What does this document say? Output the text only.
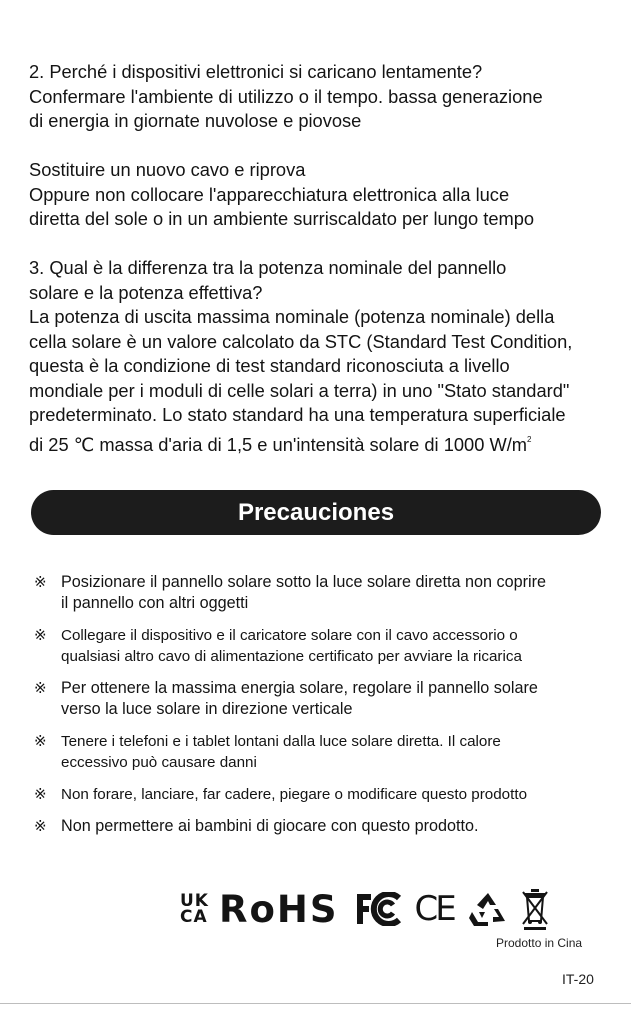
2. Perché i dispositivi elettronici si caricano lentamente?

Confermare l'ambiente di utilizzo o il tempo. bassa generazione

di energia in giornate nuvolose e piovose

Sostituire un nuovo cavo e riprova

Oppure non collocare l'apparecchiatura elettronica alla luce

diretta del sole o in un ambiente surriscaldato per lungo tempo

3. Qual è la differenza tra la potenza nominale del pannello

solare e la potenza effettiva?

La potenza di uscita massima nominale (potenza nominale) della

cella solare è un valore calcolato da STC (Standard Test Condition,

questa è la condizione di test standard riconosciuta a livello

mondiale per i moduli di celle solari a terra) in uno "Stato standard"

predeterminato. Lo stato standard ha una temperatura superficiale

di 25 ℃ massa d'aria di 1,5 e un'intensità solare di 1000 $W/m^2$

Precauciones
※ Posizionare il pannello solare sotto la luce solare diretta non coprire
il pannello con altri oggetti
※ Collegare il dispositivo e il caricatore solare con il cavo accessorio o
qualsiasi altro cavo di alimentazione certificato per avviare la ricarica
※ Per ottenere la massima energia solare, regolare il pannello solare
verso la luce solare in direzione verticale
※ Tenere i telefoni e i tablet lontani dalla luce solare diretta. Il calore
eccessivo può causare danni
※ Non forare, lanciare, far cadere, piegare o modificare questo prodotto
※ Non permettere ai bambini di giocare con questo prodotto.
UK
CA RoHS CE
Prodotto in Cina
IT-20
